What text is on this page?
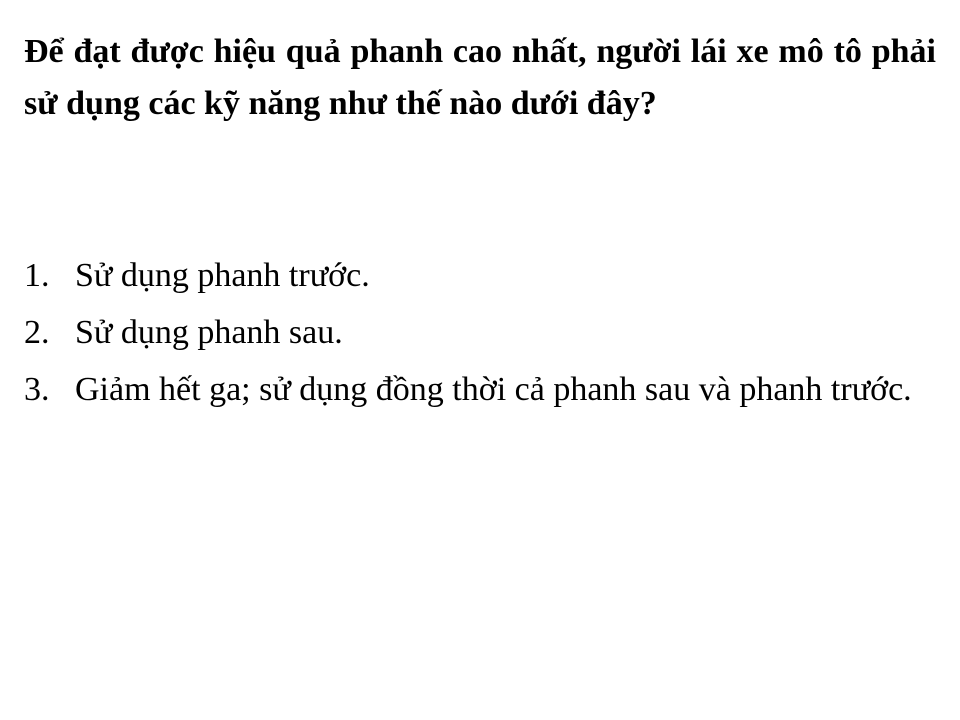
Để đạt được hiệu quả phanh cao nhất, người lái xe mô tô phải sử dụng các kỹ năng như thế nào dưới đây?

1. Sử dụng phanh trước.
2. Sử dụng phanh sau.
3. Giảm hết ga; sử dụng đồng thời cả phanh sau và phanh trước.
